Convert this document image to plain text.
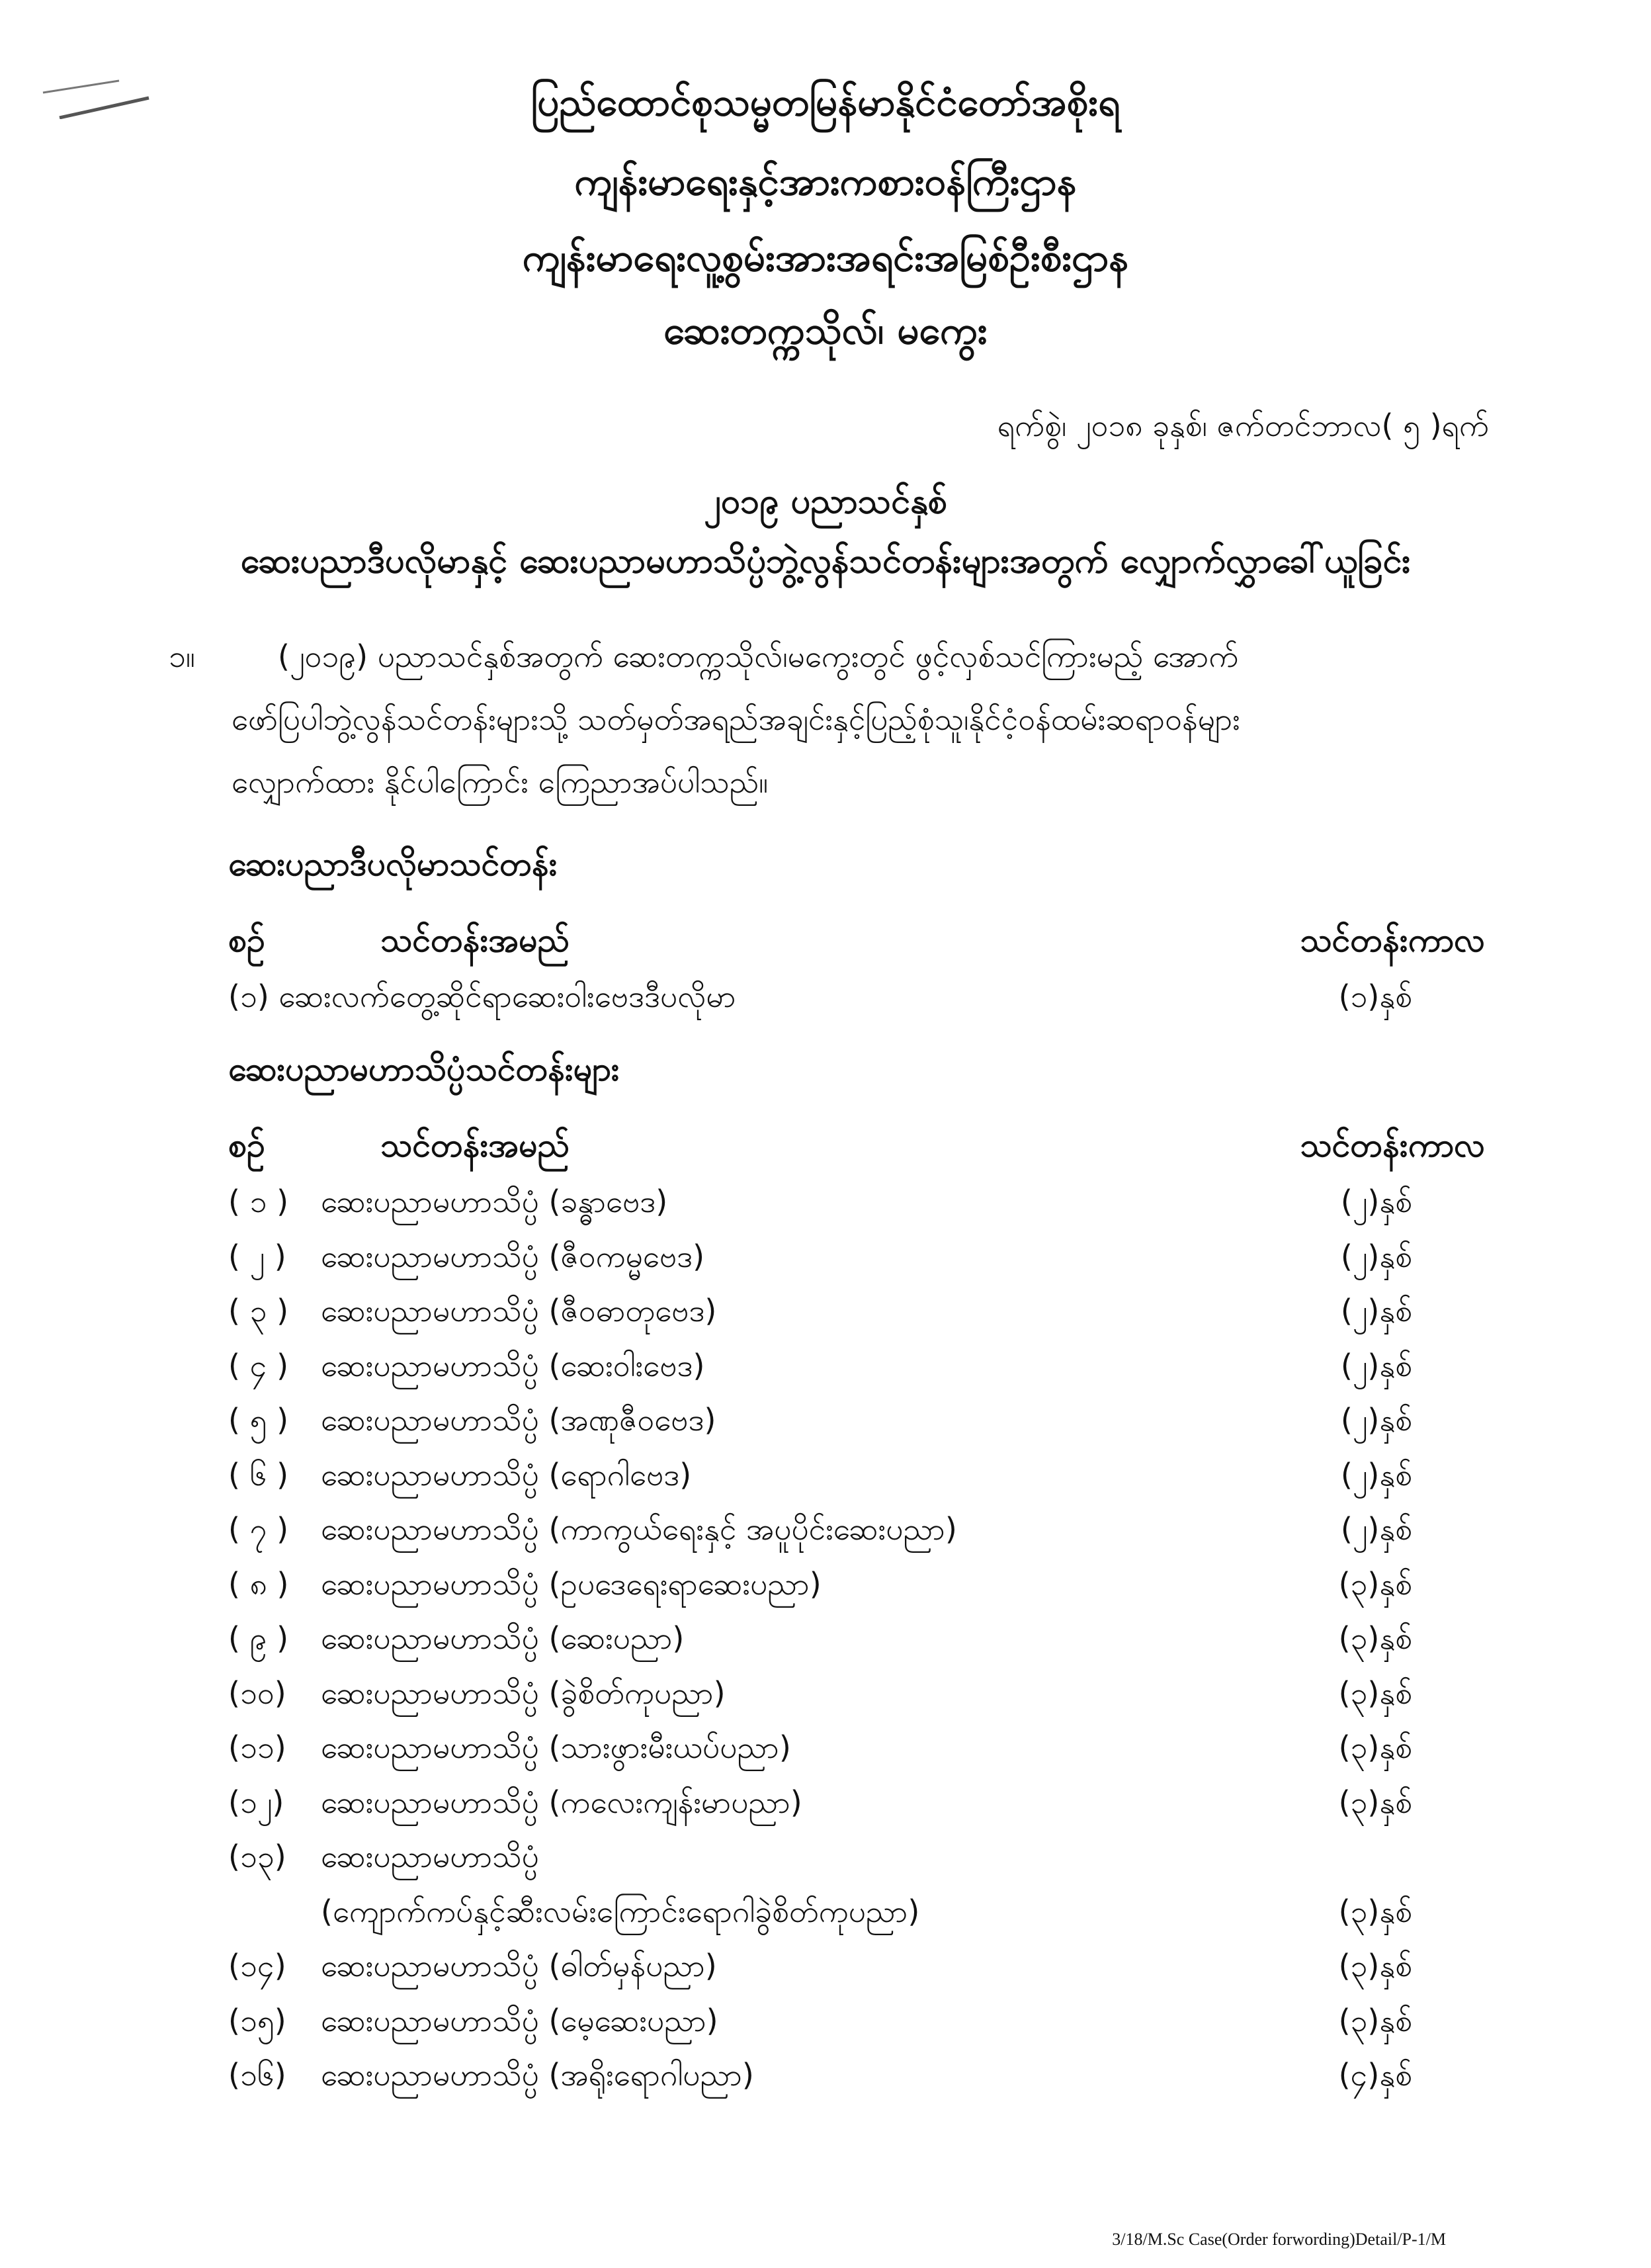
ပြည်ထောင်စုသမ္မတမြန်မာနိုင်ငံတော်အစိုးရ
ကျန်းမာရေးနှင့်အားကစားဝန်ကြီးဌာန
ကျန်းမာရေးလူ့စွမ်းအားအရင်းအမြစ်ဦးစီးဌာန
ဆေးတက္ကသိုလ်၊ မကွေး
ရက်စွဲ၊ ၂၀၁၈ ခုနှစ်၊ ဇက်တင်ဘာလ( ၅ )ရက်
၂၀၁၉ ပညာသင်နှစ်
ဆေးပညာဒီပလိုမာနှင့် ဆေးပညာမဟာသိပ္ပံဘွဲ့လွန်သင်တန်းများအတွက် လျှောက်လွှာခေါ်ယူခြင်း
၁။	(၂၀၁၉) ပညာသင်နှစ်အတွက် ဆေးတက္ကသိုလ်၊မကွေးတွင် ဖွင့်လှစ်သင်ကြားမည့် အောက်
ဖော်ပြပါဘွဲ့လွန်သင်တန်းများသို့ သတ်မှတ်အရည်အချင်းနှင့်ပြည့်စုံသူ၊နိုင်ငံ့ဝန်ထမ်းဆရာဝန်များ
လျှောက်ထား နိုင်ပါကြောင်း ကြေညာအပ်ပါသည်။
ဆေးပညာဒီပလိုမာသင်တန်း
စဉ်	သင်တန်းအမည်	သင်တန်းကာလ
(၁) ဆေးလက်တွေ့ဆိုင်ရာဆေးဝါးဗေဒဒီပလိုမာ	(၁)နှစ်
ဆေးပညာမဟာသိပ္ပံသင်တန်းများ
စဉ်	သင်တန်းအမည်	သင်တန်းကာလ
( ၁ ) ဆေးပညာမဟာသိပ္ပံ (ခန္ဓာဗေဒ)	(၂)နှစ်
( ၂ ) ဆေးပညာမဟာသိပ္ပံ (ဇီဝကမ္မဗေဒ)	(၂)နှစ်
( ၃ ) ဆေးပညာမဟာသိပ္ပံ (ဇီဝဓာတုဗေဒ)	(၂)နှစ်
( ၄ ) ဆေးပညာမဟာသိပ္ပံ (ဆေးဝါးဗေဒ)	(၂)နှစ်
( ၅ ) ဆေးပညာမဟာသိပ္ပံ (အဏုဇီဝဗေဒ)	(၂)နှစ်
( ၆ ) ဆေးပညာမဟာသိပ္ပံ (ရောဂါဗေဒ)	(၂)နှစ်
( ၇ ) ဆေးပညာမဟာသိပ္ပံ (ကာကွယ်ရေးနှင့် အပူပိုင်းဆေးပညာ)	(၂)နှစ်
( ၈ ) ဆေးပညာမဟာသိပ္ပံ (ဥပဒေရေးရာဆေးပညာ)	(၃)နှစ်
( ၉ ) ဆေးပညာမဟာသိပ္ပံ (ဆေးပညာ)	(၃)နှစ်
(၁၀) ဆေးပညာမဟာသိပ္ပံ (ခွဲစိတ်ကုပညာ)	(၃)နှစ်
(၁၁) ဆေးပညာမဟာသိပ္ပံ (သားဖွားမီးယပ်ပညာ)	(၃)နှစ်
(၁၂) ဆေးပညာမဟာသိပ္ပံ (ကလေးကျန်းမာပညာ)	(၃)နှစ်
(၁၃) ဆေးပညာမဟာသိပ္ပံ
(ကျောက်ကပ်နှင့်ဆီးလမ်းကြောင်းရောဂါခွဲစိတ်ကုပညာ)	(၃)နှစ်
(၁၄) ဆေးပညာမဟာသိပ္ပံ (ဓါတ်မှန်ပညာ)	(၃)နှစ်
(၁၅) ဆေးပညာမဟာသိပ္ပံ (မေ့ဆေးပညာ)	(၃)နှစ်
(၁၆) ဆေးပညာမဟာသိပ္ပံ (အရိုးရောဂါပညာ)	(၄)နှစ်
3/18/M.Sc Case(Order forwording)Detail/P-1/M
